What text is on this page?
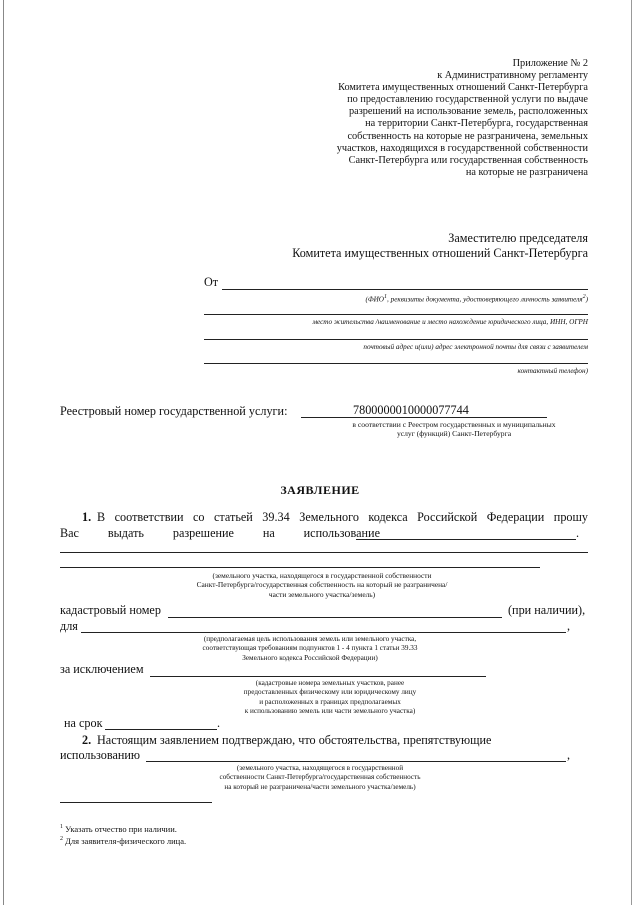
Приложение № 2
к Административному регламенту
Комитета имущественных отношений Санкт-Петербурга
по предоставлению государственной услуги по выдаче
разрешений на использование земель, расположенных
на территории Санкт-Петербурга, государственная
собственность на которые не разграничена, земельных
участков, находящихся в государственной собственности
Санкт-Петербурга или государственная собственность
на которые не разграничена
Заместителю председателя
Комитета имущественных отношений Санкт-Петербурга
От
(ФИО$^1$, реквизиты документа, удостоверяющего личность заявителя$^2$)
место жительства /наименование и место нахождение юридического лица, ИНН, ОГРН
почтовый адрес и(или) адрес электронной почты для связи с заявителем
контактный телефон)
Реестровый номер государственной услуги:	7800000010000077744
в соответствии с Реестром государственных и муниципальных
услуг (функций) Санкт-Петербурга
ЗАЯВЛЕНИЕ
1. В соответствии со статьей 39.34 Земельного кодекса Российской Федерации прошу
Вас выдать разрешение на использование	.
(земельного участка, находящегося в государственной собственности
Санкт-Петербурга/государственная собственность на который не разграничена/
части земельного участка/земель)
кадастровый номер	(при наличии),
для	,
(предполагаемая цель использования земель или земельного участка,
соответствующая требованиям подпунктов 1 - 4 пункта 1 статьи 39.33
Земельного кодекса Российской Федерации)
за исключением
(кадастровые номера земельных участков, ранее
предоставленных физическому или юридическому лицу
и расположенных в границах предполагаемых
к использованию земель или части земельного участка)
на срок	.
2. Настоящим заявлением подтверждаю, что обстоятельства, препятствующие
использованию	,
(земельного участка, находящегося в государственной
собственности Санкт-Петербурга/государственная собственность
на который не разграничена/части земельного участка/земель)
$^1$ Указать отчество при наличии.
$^2$ Для заявителя-физического лица.
